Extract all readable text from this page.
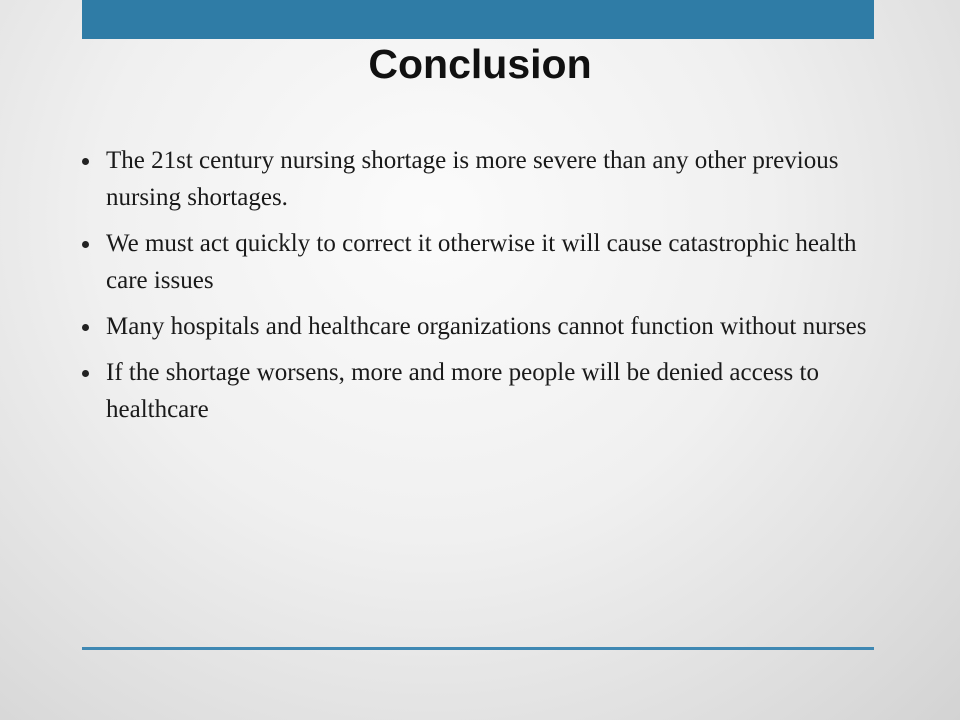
Conclusion
The 21st century nursing shortage is more severe than any other previous nursing shortages.
We must act quickly to correct it otherwise it will cause catastrophic health care issues
Many hospitals and healthcare organizations cannot function without nurses
If the shortage worsens, more and more people will be denied access to healthcare
